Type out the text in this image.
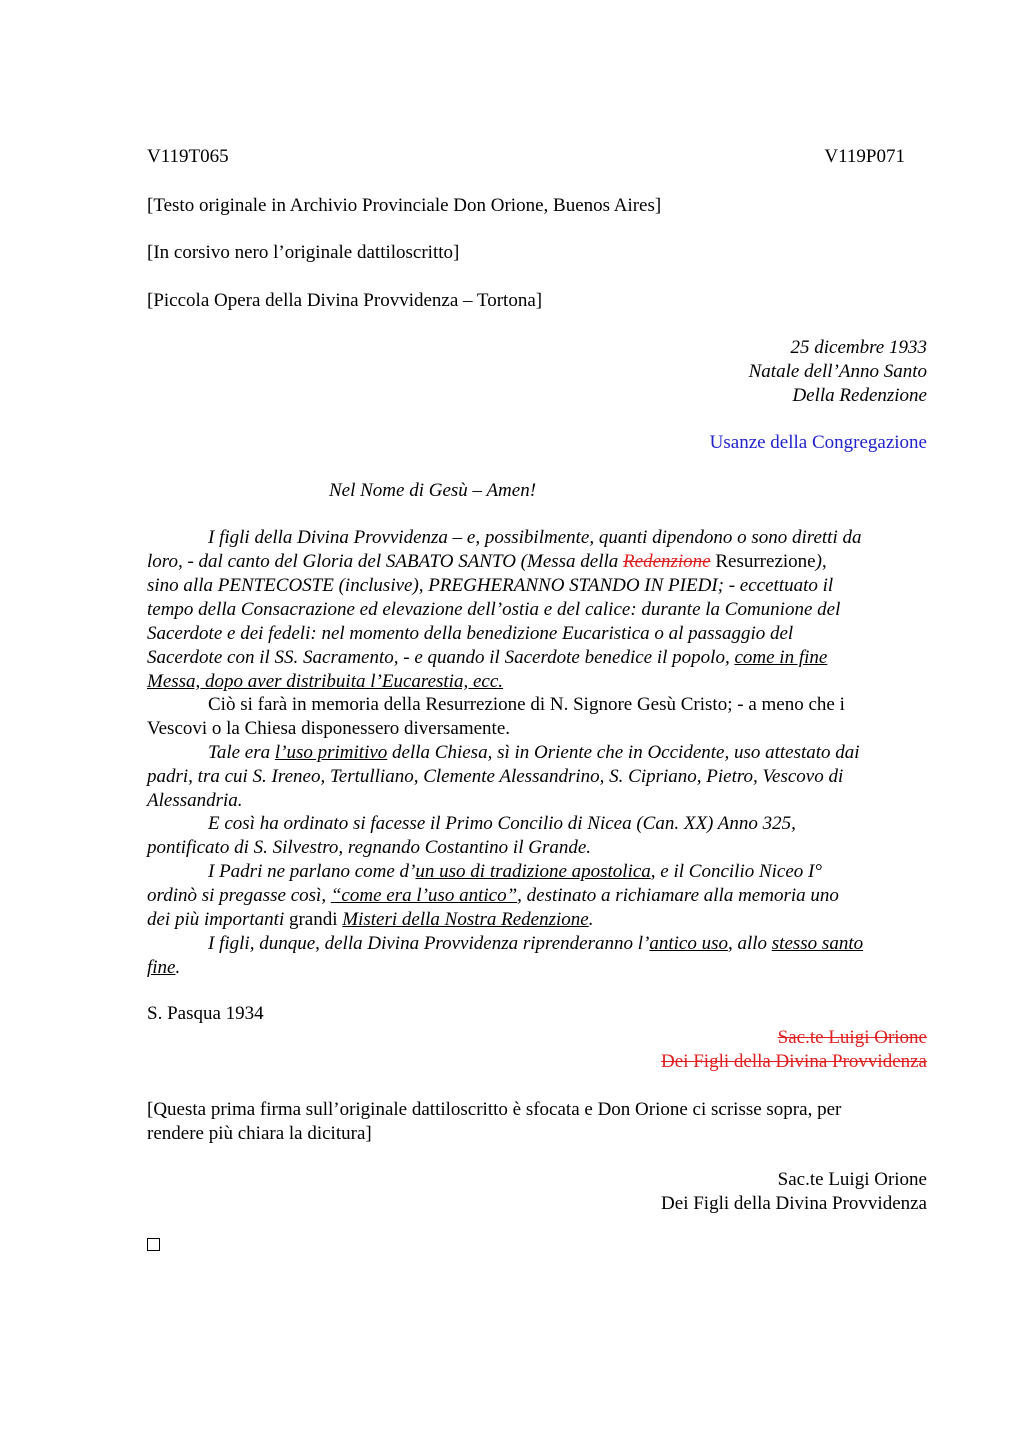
V119T065	V119P071
[Testo originale in Archivio Provinciale Don Orione, Buenos Aires]
[In corsivo nero l’originale dattiloscritto]
[Piccola Opera della Divina Provvidenza – Tortona]
25 dicembre 1933
Natale dell’Anno Santo
Della Redenzione
Usanze della Congregazione
Nel Nome di Gesù – Amen!
I figli della Divina Provvidenza – e, possibilmente, quanti dipendono o sono diretti da
loro, - dal canto del Gloria del SABATO SANTO (Messa della Redenzione Resurrezione),
sino alla PENTECOSTE (inclusive), PREGHERANNO STANDO IN PIEDI; - eccettuato il
tempo della Consacrazione ed elevazione dell’ostia e del calice: durante la Comunione del
Sacerdote e dei fedeli: nel momento della benedizione Eucaristica o al passaggio del
Sacerdote con il SS. Sacramento, - e quando il Sacerdote benedice il popolo, come in fine
Messa, dopo aver distribuita l’Eucarestia, ecc.
Ciò si farà in memoria della Resurrezione di N. Signore Gesù Cristo; - a meno che i
Vescovi o la Chiesa disponessero diversamente.
Tale era l’uso primitivo della Chiesa, sì in Oriente che in Occidente, uso attestato dai
padri, tra cui S. Ireneo, Tertulliano, Clemente Alessandrino, S. Cipriano, Pietro, Vescovo di
Alessandria.
E così ha ordinato si facesse il Primo Concilio di Nicea (Can. XX) Anno 325,
pontificato di S. Silvestro, regnando Costantino il Grande.
I Padri ne parlano come d’un uso di tradizione apostolica, e il Concilio Niceo I°
ordinò si pregasse così, “come era l’uso antico”, destinato a richiamare alla memoria uno
dei più importanti grandi Misteri della Nostra Redenzione.
I figli, dunque, della Divina Provvidenza riprenderanno l’antico uso, allo stesso santo
fine.
S. Pasqua 1934
Sac.te Luigi Orione
Dei Figli della Divina Provvidenza
[Questa prima firma sull’originale dattiloscritto è sfocata e Don Orione ci scrisse sopra, per
rendere più chiara la dicitura]
Sac.te Luigi Orione
Dei Figli della Divina Provvidenza
